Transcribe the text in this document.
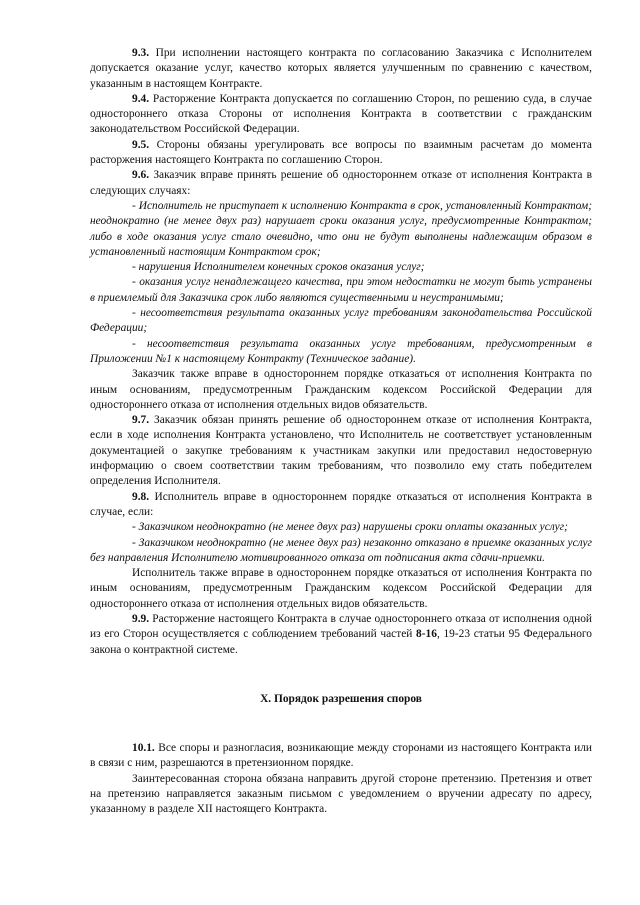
9.3. При исполнении настоящего контракта по согласованию Заказчика с Исполнителем допускается оказание услуг, качество которых является улучшенным по сравнению с качеством, указанным в настоящем Контракте.

9.4. Расторжение Контракта допускается по соглашению Сторон, по решению суда, в случае одностороннего отказа Стороны от исполнения Контракта в соответствии с гражданским законодательством Российской Федерации.

9.5. Стороны обязаны урегулировать все вопросы по взаимным расчетам до момента расторжения настоящего Контракта по соглашению Сторон.

9.6. Заказчик вправе принять решение об одностороннем отказе от исполнения Контракта в следующих случаях:

- Исполнитель не приступает к исполнению Контракта в срок, установленный Контрактом; неоднократно (не менее двух раз) нарушает сроки оказания услуг, предусмотренные Контрактом; либо в ходе оказания услуг стало очевидно, что они не будут выполнены надлежащим образом в установленный настоящим Контрактом срок;

- нарушения Исполнителем конечных сроков оказания услуг;

- оказания услуг ненадлежащего качества, при этом недостатки не могут быть устранены в приемлемый для Заказчика срок либо являются существенными и неустранимыми;

- несоответствия результата оказанных услуг требованиям законодательства Российской Федерации;

- несоответствия результата оказанных услуг требованиям, предусмотренным в Приложении №1 к настоящему Контракту (Техническое задание).

Заказчик также вправе в одностороннем порядке отказаться от исполнения Контракта по иным основаниям, предусмотренным Гражданским кодексом Российской Федерации для одностороннего отказа от исполнения отдельных видов обязательств.

9.7. Заказчик обязан принять решение об одностороннем отказе от исполнения Контракта, если в ходе исполнения Контракта установлено, что Исполнитель не соответствует установленным документацией о закупке требованиям к участникам закупки или предоставил недостоверную информацию о своем соответствии таким требованиям, что позволило ему стать победителем определения Исполнителя.

9.8. Исполнитель вправе в одностороннем порядке отказаться от исполнения Контракта в случае, если:

- Заказчиком неоднократно (не менее двух раз) нарушены сроки оплаты оказанных услуг;

- Заказчиком неоднократно (не менее двух раз) незаконно отказано в приемке оказанных услуг без направления Исполнителю мотивированного отказа от подписания акта сдачи-приемки.

Исполнитель также вправе в одностороннем порядке отказаться от исполнения Контракта по иным основаниям, предусмотренным Гражданским кодексом Российской Федерации для одностороннего отказа от исполнения отдельных видов обязательств.

9.9. Расторжение настоящего Контракта в случае одностороннего отказа от исполнения одной из его Сторон осуществляется с соблюдением требований частей 8-16, 19-23 статьи 95 Федерального закона о контрактной системе.

X. Порядок разрешения споров

10.1. Все споры и разногласия, возникающие между сторонами из настоящего Контракта или в связи с ним, разрешаются в претензионном порядке.

Заинтересованная сторона обязана направить другой стороне претензию. Претензия и ответ на претензию направляется заказным письмом с уведомлением о вручении адресату по адресу, указанному в разделе XII настоящего Контракта.
